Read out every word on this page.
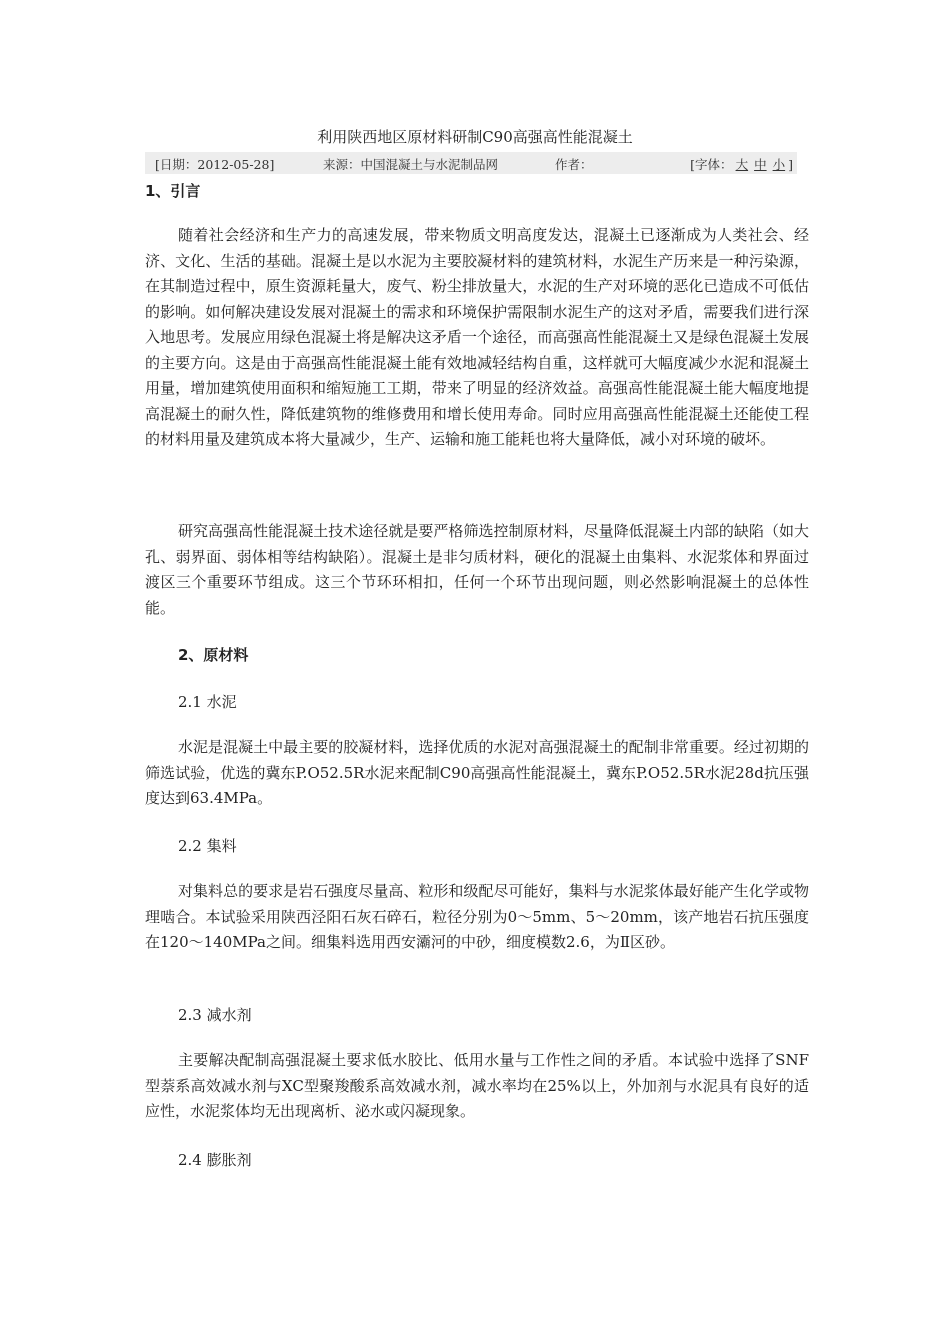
利用陕西地区原材料研制C90高强高性能混凝土
[日期：2012-05-28]	来源：中国混凝土与水泥制品网	作者：	[字体： 大 中 小 ]
1、引言

随着社会经济和生产力的高速发展，带来物质文明高度发达，混凝土已逐渐成为人类社会、经济、文化、生活的基础。混凝土是以水泥为主要胶凝材料的建筑材料，水泥生产历来是一种污染源，在其制造过程中，原生资源耗量大，废气、粉尘排放量大，水泥的生产对环境的恶化已造成不可低估的影响。如何解决建设发展对混凝土的需求和环境保护需限制水泥生产的这对矛盾，需要我们进行深入地思考。发展应用绿色混凝土将是解决这矛盾一个途径，而高强高性能混凝土又是绿色混凝土发展的主要方向。这是由于高强高性能混凝土能有效地减轻结构自重，这样就可大幅度减少水泥和混凝土用量，增加建筑使用面积和缩短施工工期，带来了明显的经济效益。高强高性能混凝土能大幅度地提高混凝土的耐久性，降低建筑物的维修费用和增长使用寿命。同时应用高强高性能混凝土还能使工程的材料用量及建筑成本将大量减少，生产、运输和施工能耗也将大量降低，减小对环境的破坏。

研究高强高性能混凝土技术途径就是要严格筛选控制原材料，尽量降低混凝土内部的缺陷（如大孔、弱界面、弱体相等结构缺陷）。混凝土是非匀质材料，硬化的混凝土由集料、水泥浆体和界面过渡区三个重要环节组成。这三个节环环相扣，任何一个环节出现问题，则必然影响混凝土的总体性能。

2、原材料
2.1 水泥

水泥是混凝土中最主要的胶凝材料，选择优质的水泥对高强混凝土的配制非常重要。经过初期的筛选试验，优选的冀东P.O52.5R水泥来配制C90高强高性能混凝土，冀东P.O52.5R水泥28d抗压强度达到63.4MPa。

2.2 集料

对集料总的要求是岩石强度尽量高、粒形和级配尽可能好，集料与水泥浆体最好能产生化学或物理啮合。本试验采用陕西泾阳石灰石碎石，粒径分别为0～5mm、5～20mm，该产地岩石抗压强度在120～140MPa之间。细集料选用西安灞河的中砂，细度模数2.6，为Ⅱ区砂。

2.3 减水剂

主要解决配制高强混凝土要求低水胶比、低用水量与工作性之间的矛盾。本试验中选择了SNF型萘系高效减水剂与XC型聚羧酸系高效减水剂，减水率均在25%以上，外加剂与水泥具有良好的适应性，水泥浆体均无出现离析、泌水或闪凝现象。

2.4 膨胀剂
